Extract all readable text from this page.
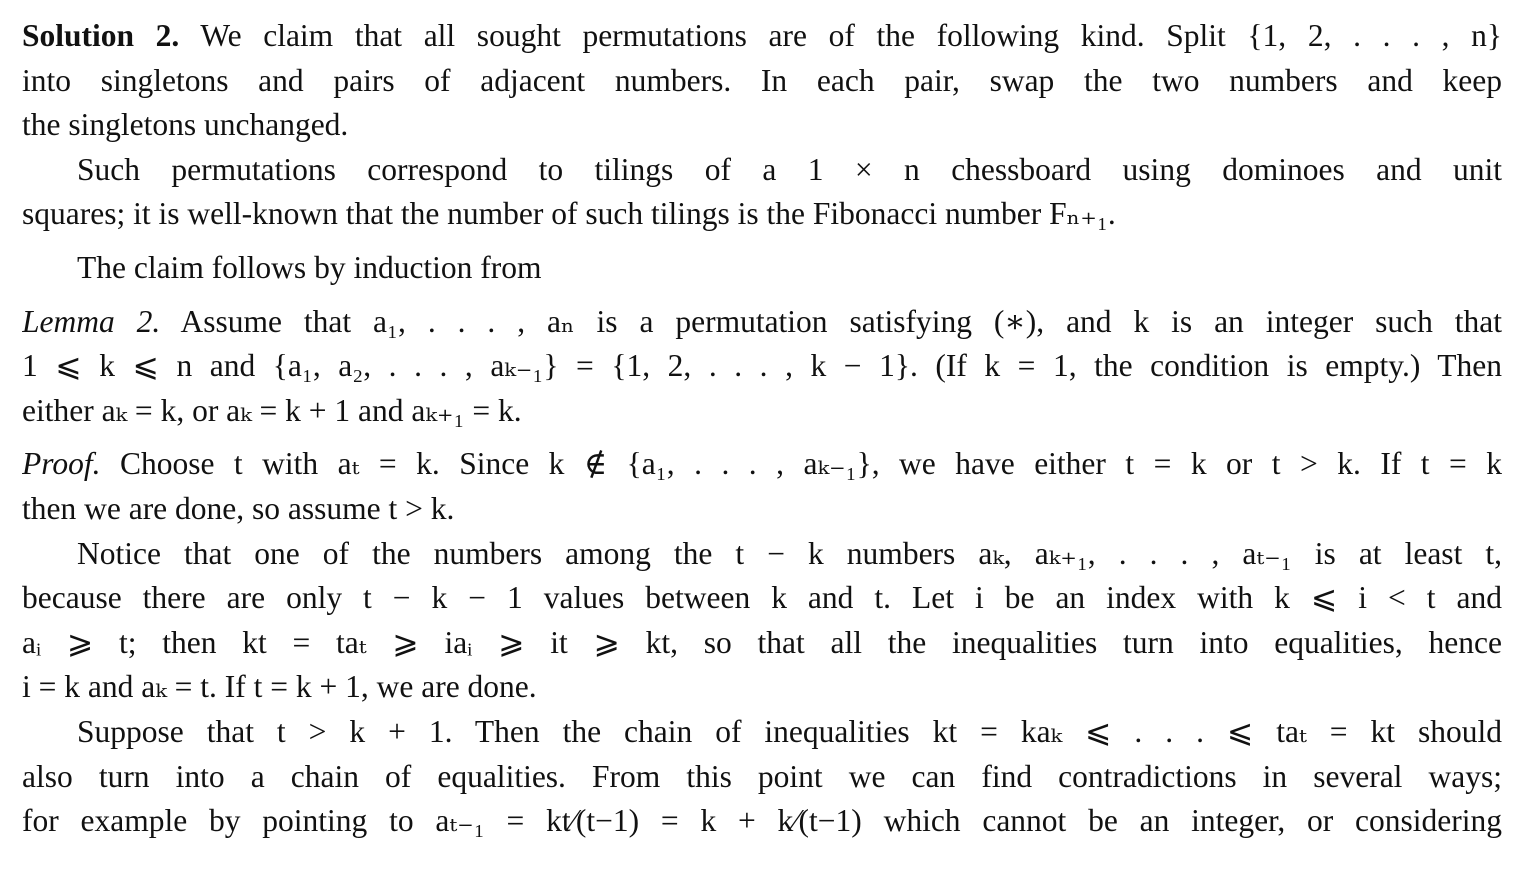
Solution 2. We claim that all sought permutations are of the following kind. Split {1, 2, . . . , n}
into singletons and pairs of adjacent numbers. In each pair, swap the two numbers and keep
the singletons unchanged.
Such permutations correspond to tilings of a 1 × n chessboard using dominoes and unit
squares; it is well-known that the number of such tilings is the Fibonacci number Fₙ₊₁.
The claim follows by induction from
Lemma 2. Assume that a₁, . . . , aₙ is a permutation satisfying (∗), and k is an integer such that
1 ⩽ k ⩽ n and {a₁, a₂, . . . , aₖ₋₁} = {1, 2, . . . , k − 1}. (If k = 1, the condition is empty.) Then
either aₖ = k, or aₖ = k + 1 and aₖ₊₁ = k.
Proof. Choose t with aₜ = k. Since k ∉ {a₁, . . . , aₖ₋₁}, we have either t = k or t > k. If t = k
then we are done, so assume t > k.
Notice that one of the numbers among the t − k numbers aₖ, aₖ₊₁, . . . , aₜ₋₁ is at least t,
because there are only t − k − 1 values between k and t. Let i be an index with k ⩽ i < t and
aᵢ ⩾ t; then kt = taₜ ⩾ iaᵢ ⩾ it ⩾ kt, so that all the inequalities turn into equalities, hence
i = k and aₖ = t. If t = k + 1, we are done.
Suppose that t > k + 1. Then the chain of inequalities kt = kaₖ ⩽ . . . ⩽ taₜ = kt should
also turn into a chain of equalities. From this point we can find contradictions in several ways;
for example by pointing to aₜ₋₁ = kt⁄(t−1) = k + k⁄(t−1) which cannot be an integer, or considering
